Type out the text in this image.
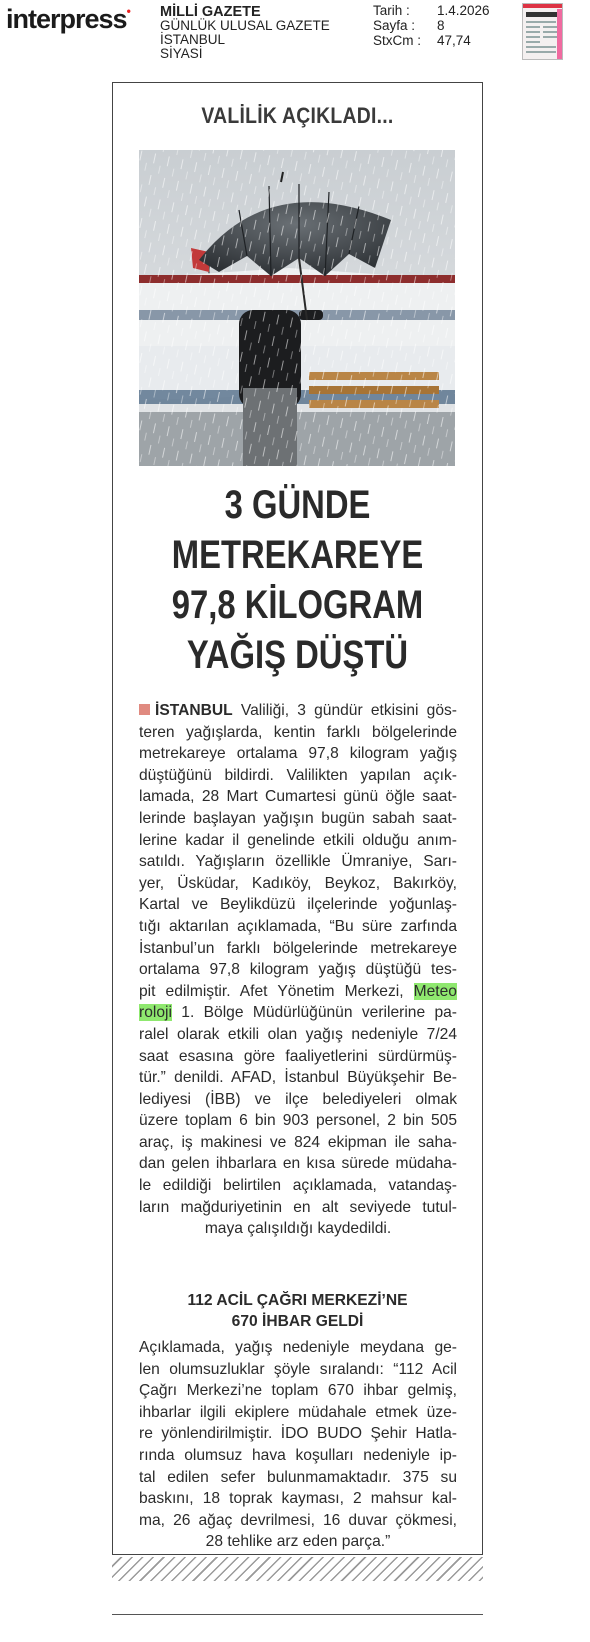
interpress• MİLLİ GAZETE
GÜNLÜK ULUSAL GAZETE
İSTANBUL
SİYASİ
Tarih :	1.4.2026
Sayfa :	8
StxCm :	47,74
VALİLİK AÇIKLADI...
3 GÜNDE
METREKAREYE
97,8 KİLOGRAM
YAĞIŞ DÜŞTÜ
İSTANBUL Valiliği, 3 gündür etkisini gös-
teren yağışlarda, kentin farklı bölgelerinde
metrekareye ortalama 97,8 kilogram yağış
düştüğünü bildirdi. Valilikten yapılan açık-
lamada, 28 Mart Cumartesi günü öğle saat-
lerinde başlayan yağışın bugün sabah saat-
lerine kadar il genelinde etkili olduğu anım-
satıldı. Yağışların özellikle Ümraniye, Sarı-
yer, Üsküdar, Kadıköy, Beykoz, Bakırköy,
Kartal ve Beylikdüzü ilçelerinde yoğunlaş-
tığı aktarılan açıklamada, “Bu süre zarfında
İstanbul’un farklı bölgelerinde metrekareye
ortalama 97,8 kilogram yağış düştüğü tes-
pit edilmiştir. Afet Yönetim Merkezi, Meteo
roloji 1. Bölge Müdürlüğünün verilerine pa-
ralel olarak etkili olan yağış nedeniyle 7/24
saat esasına göre faaliyetlerini sürdürmüş-
tür.” denildi. AFAD, İstanbul Büyükşehir Be-
lediyesi (İBB) ve ilçe belediyeleri olmak
üzere toplam 6 bin 903 personel, 2 bin 505
araç, iş makinesi ve 824 ekipman ile saha-
dan gelen ihbarlara en kısa sürede müdaha-
le edildiği belirtilen açıklamada, vatandaş-
ların mağduriyetinin en alt seviyede tutul-
maya çalışıldığı kaydedildi.
112 ACİL ÇAĞRI MERKEZİ’NE
670 İHBAR GELDİ
Açıklamada, yağış nedeniyle meydana ge-
len olumsuzluklar şöyle sıralandı: “112 Acil
Çağrı Merkezi’ne toplam 670 ihbar gelmiş,
ihbarlar ilgili ekiplere müdahale etmek üze-
re yönlendirilmiştir. İDO BUDO Şehir Hatla-
rında olumsuz hava koşulları nedeniyle ip-
tal edilen sefer bulunmamaktadır. 375 su
baskını, 18 toprak kayması, 2 mahsur kal-
ma, 26 ağaç devrilmesi, 16 duvar çökmesi,
28 tehlike arz eden parça.”
